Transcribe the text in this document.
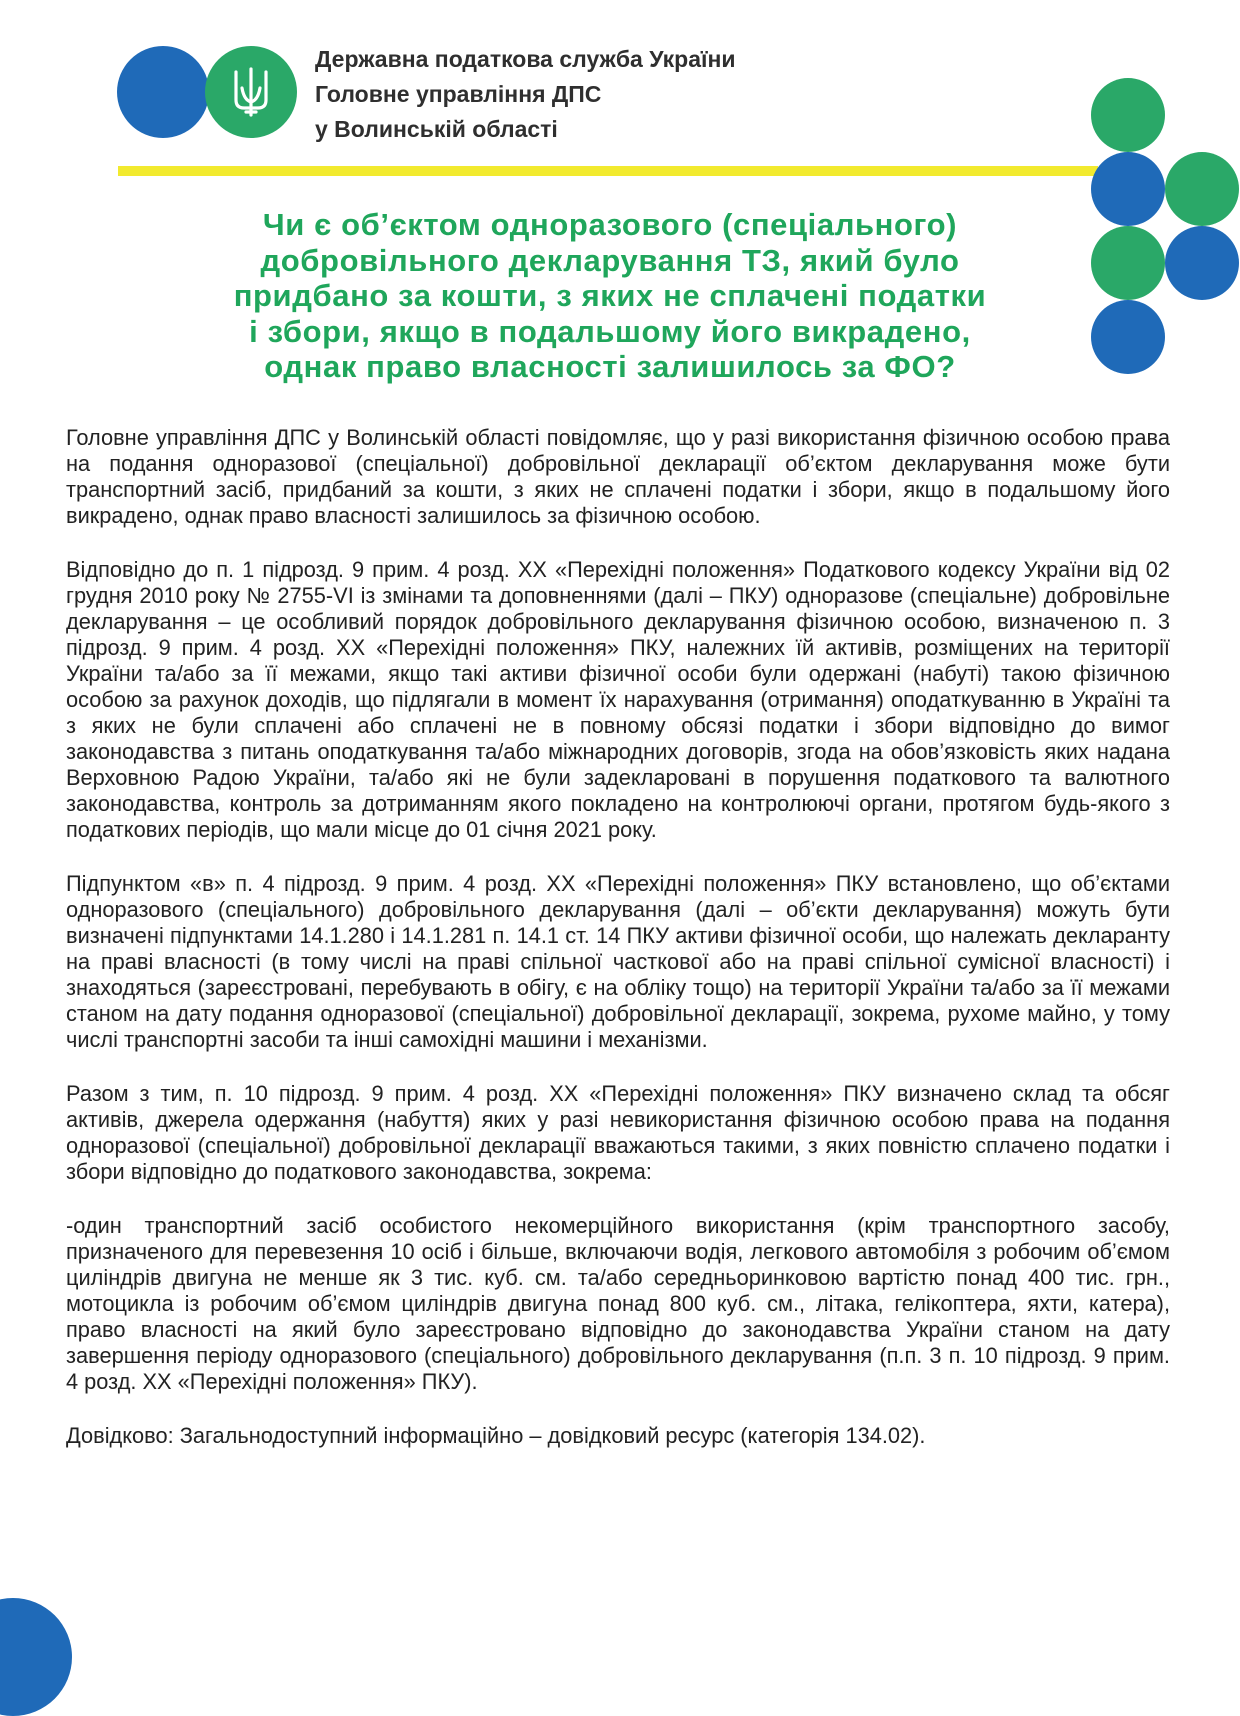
Державна податкова служба України
Головне управління ДПС
у Волинській області
Чи є об’єктом одноразового (спеціального)
добровільного декларування ТЗ, який було
придбано за кошти, з яких не сплачені податки
і збори, якщо в подальшому його викрадено,
однак право власності залишилось за ФО?

Головне управління ДПС у Волинській області повідомляє, що у разі використання фізичною особою права на подання одноразової (спеціальної) добровільної декларації об’єктом декларування може бути транспортний засіб, придбаний за кошти, з яких не сплачені податки і збори, якщо в подальшому його викрадено, однак право власності залишилось за фізичною особою.

Відповідно до п. 1 підрозд. 9 прим. 4 розд. XX «Перехідні положення» Податкового кодексу України від 02 грудня 2010 року № 2755-VI із змінами та доповненнями (далі – ПКУ) одноразове (спеціальне) добровільне декларування – це особливий порядок добровільного декларування фізичною особою, визначеною п. 3 підрозд. 9 прим. 4 розд. XX «Перехідні положення» ПКУ, належних їй активів, розміщених на території України та/або за її межами, якщо такі активи фізичної особи були одержані (набуті) такою фізичною особою за рахунок доходів, що підлягали в момент їх нарахування (отримання) оподаткуванню в Україні та з яких не були сплачені або сплачені не в повному обсязі податки і збори відповідно до вимог законодавства з питань оподаткування та/або міжнародних договорів, згода на обов’язковість яких надана Верховною Радою України, та/або які не були задекларовані в порушення податкового та валютного законодавства, контроль за дотриманням якого покладено на контролюючі органи, протягом будь-якого з податкових періодів, що мали місце до 01 січня 2021 року.

Підпунктом «в» п. 4 підрозд. 9 прим. 4 розд. XX «Перехідні положення» ПКУ встановлено, що об’єктами одноразового (спеціального) добровільного декларування (далі – об’єкти декларування) можуть бути визначені підпунктами 14.1.280 і 14.1.281 п. 14.1 ст. 14 ПКУ активи фізичної особи, що належать декларанту на праві власності (в тому числі на праві спільної часткової або на праві спільної сумісної власності) і знаходяться (зареєстровані, перебувають в обігу, є на обліку тощо) на території України та/або за її межами станом на дату подання одноразової (спеціальної) добровільної декларації, зокрема, рухоме майно, у тому числі транспортні засоби та інші самохідні машини і механізми.

Разом з тим, п. 10 підрозд. 9 прим. 4 розд. XX «Перехідні положення» ПКУ визначено склад та обсяг активів, джерела одержання (набуття) яких у разі невикористання фізичною особою права на подання одноразової (спеціальної) добровільної декларації вважаються такими, з яких повністю сплачено податки і збори відповідно до податкового законодавства, зокрема:

-один транспортний засіб особистого некомерційного використання (крім транспортного засобу, призначеного для перевезення 10 осіб і більше, включаючи водія, легкового автомобіля з робочим об’ємом циліндрів двигуна не менше як 3 тис. куб. см. та/або середньоринковою вартістю понад 400 тис. грн., мотоцикла із робочим об’ємом циліндрів двигуна понад 800 куб. см., літака, гелікоптера, яхти, катера), право власності на який було зареєстровано відповідно до законодавства України станом на дату завершення періоду одноразового (спеціального) добровільного декларування (п.п. 3 п. 10 підрозд. 9 прим. 4 розд. XX «Перехідні положення» ПКУ).

Довідково: Загальнодоступний інформаційно – довідковий ресурс (категорія 134.02).
